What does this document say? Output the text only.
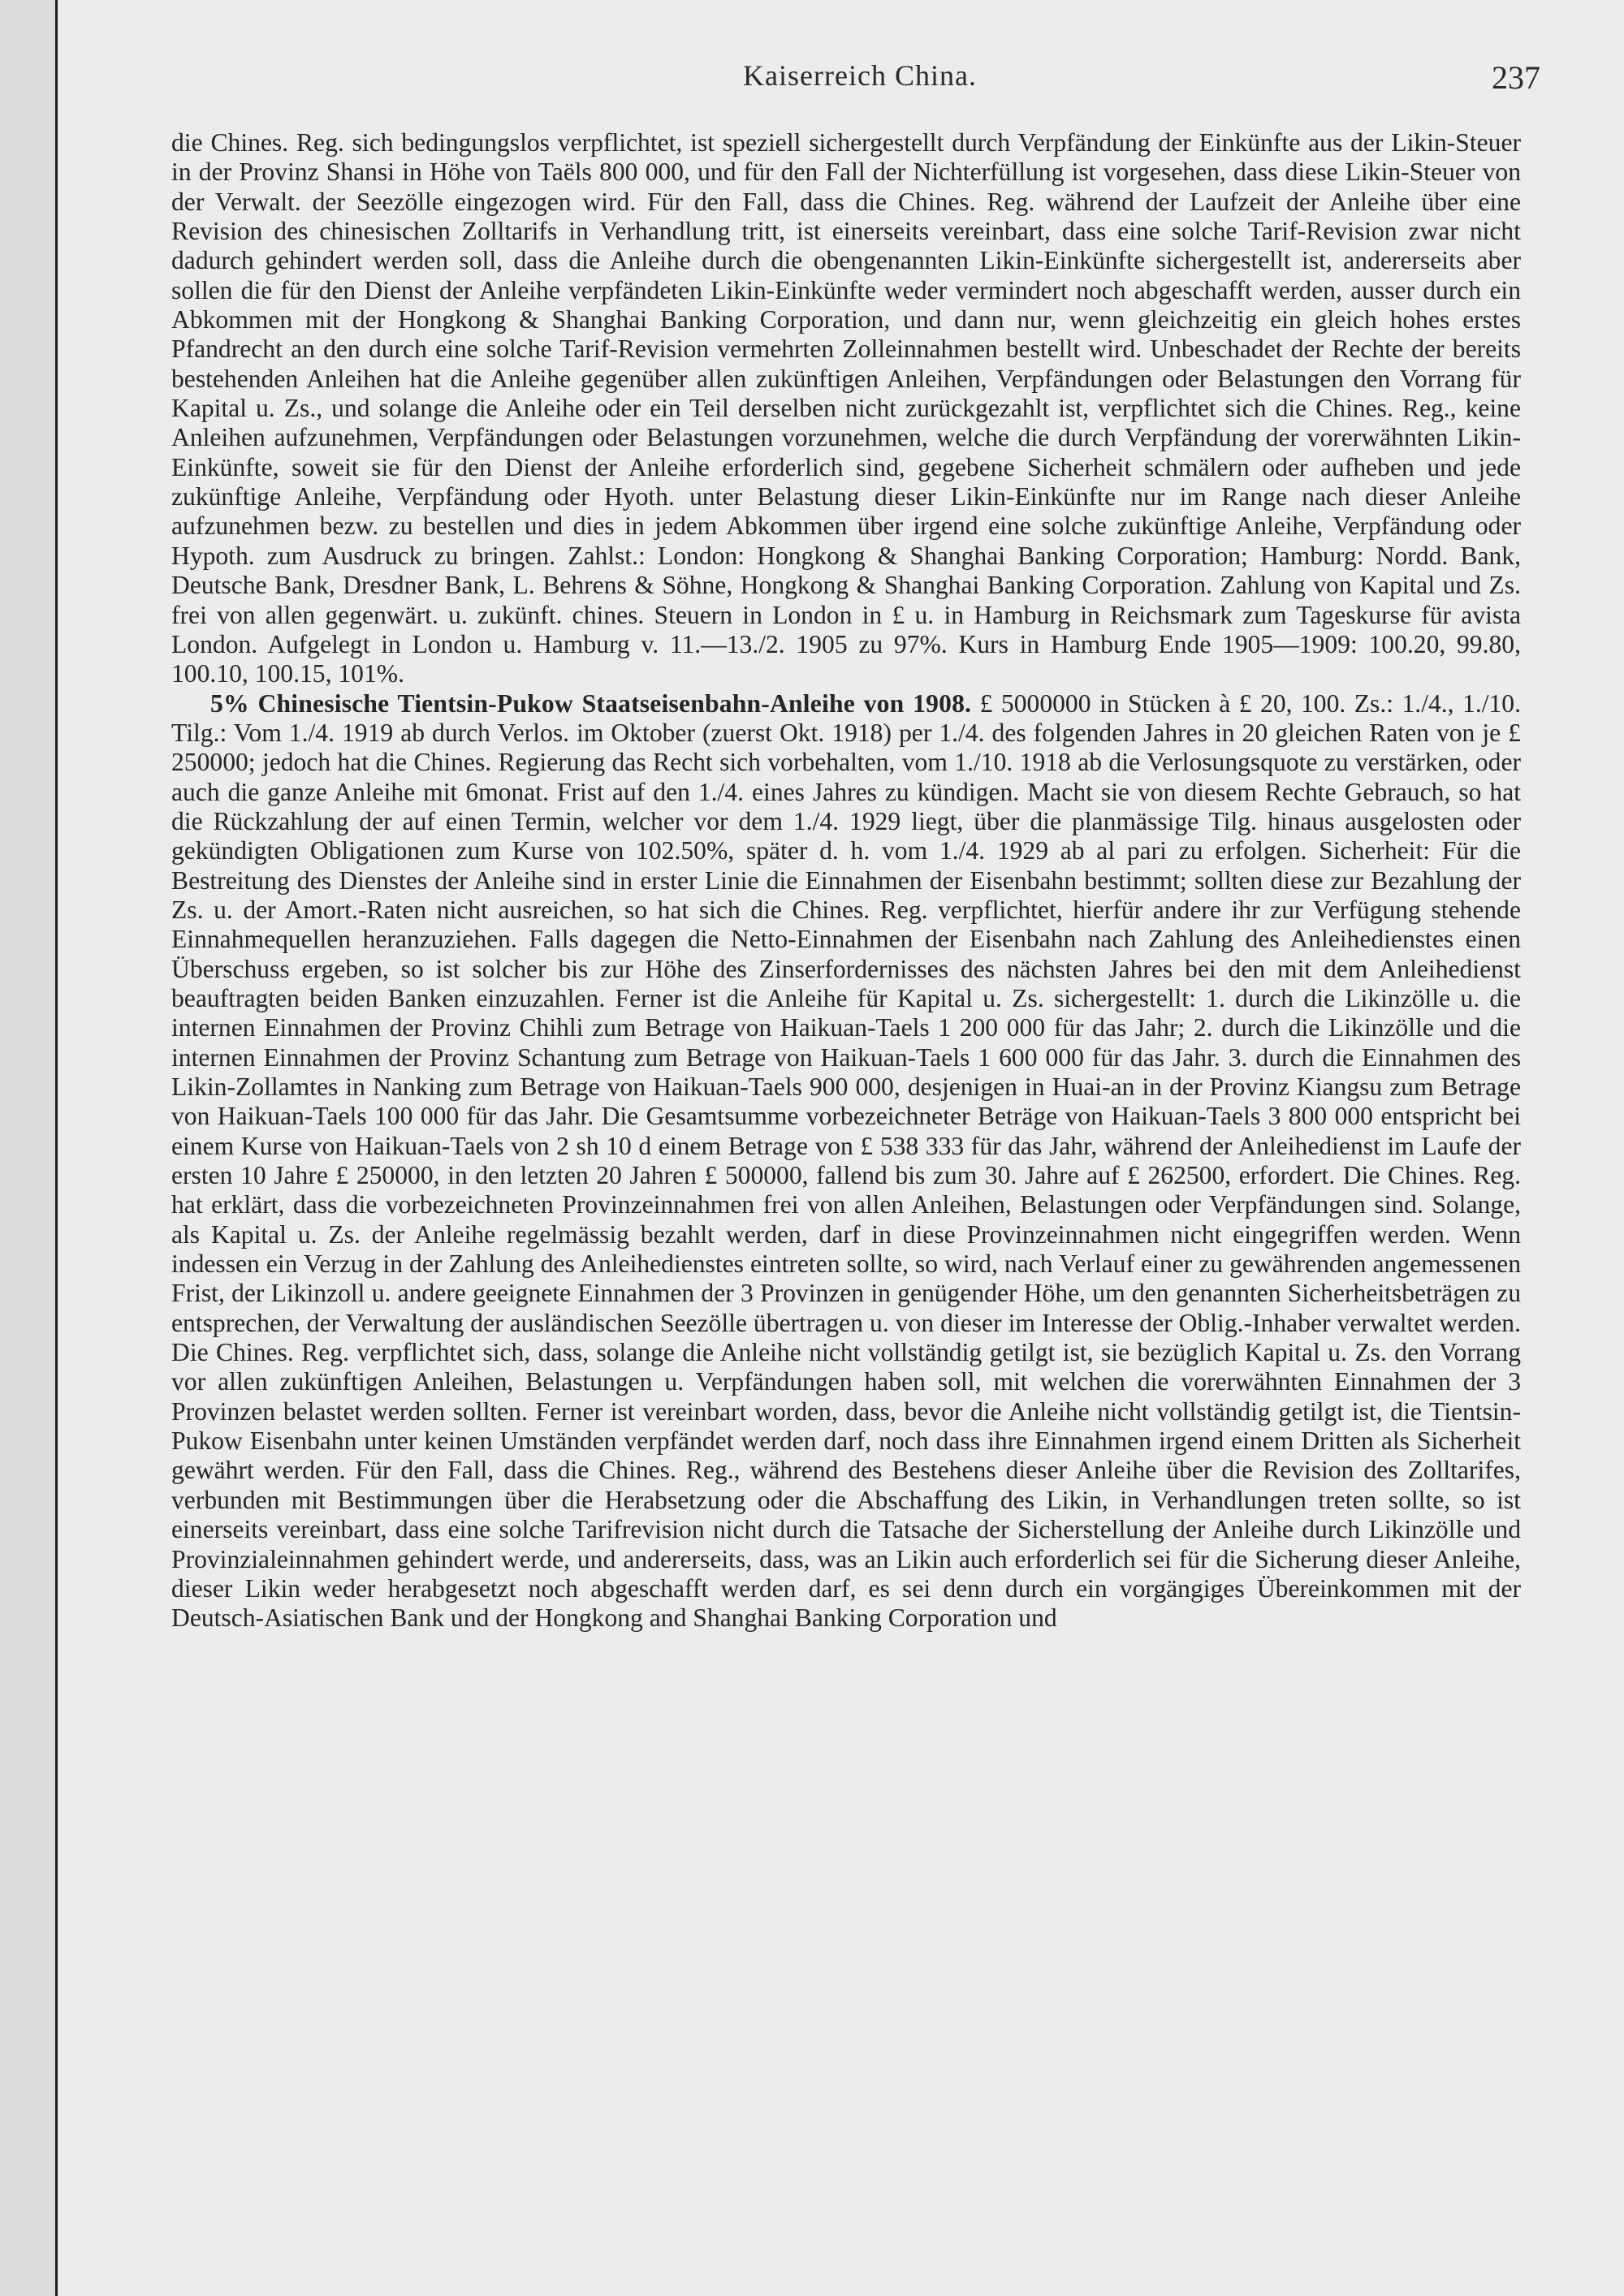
Kaiserreich China.	237

die Chines. Reg. sich bedingungslos verpflichtet, ist speziell sichergestellt durch Verpfändung der Einkünfte aus der Likin-Steuer in der Provinz Shansi in Höhe von Taëls 800 000, und für den Fall der Nichterfüllung ist vorgesehen, dass diese Likin-Steuer von der Verwalt. der Seezölle eingezogen wird. Für den Fall, dass die Chines. Reg. während der Laufzeit der Anleihe über eine Revision des chinesischen Zolltarifs in Verhandlung tritt, ist einerseits vereinbart, dass eine solche Tarif-Revision zwar nicht dadurch gehindert werden soll, dass die Anleihe durch die obengenannten Likin-Einkünfte sichergestellt ist, andererseits aber sollen die für den Dienst der Anleihe verpfändeten Likin-Einkünfte weder vermindert noch abgeschafft werden, ausser durch ein Abkommen mit der Hongkong & Shanghai Banking Corporation, und dann nur, wenn gleichzeitig ein gleich hohes erstes Pfandrecht an den durch eine solche Tarif-Revision vermehrten Zolleinnahmen bestellt wird. Unbeschadet der Rechte der bereits bestehenden Anleihen hat die Anleihe gegenüber allen zukünftigen Anleihen, Verpfändungen oder Belastungen den Vorrang für Kapital u. Zs., und solange die Anleihe oder ein Teil derselben nicht zurückgezahlt ist, verpflichtet sich die Chines. Reg., keine Anleihen aufzunehmen, Verpfändungen oder Belastungen vorzunehmen, welche die durch Verpfändung der vorerwähnten Likin-Einkünfte, soweit sie für den Dienst der Anleihe erforderlich sind, gegebene Sicherheit schmälern oder aufheben und jede zukünftige Anleihe, Verpfändung oder Hyoth. unter Belastung dieser Likin-Einkünfte nur im Range nach dieser Anleihe aufzunehmen bezw. zu bestellen und dies in jedem Abkommen über irgend eine solche zukünftige Anleihe, Verpfändung oder Hypoth. zum Ausdruck zu bringen. Zahlst.: London: Hongkong & Shanghai Banking Corporation; Hamburg: Nordd. Bank, Deutsche Bank, Dresdner Bank, L. Behrens & Söhne, Hongkong & Shanghai Banking Corporation. Zahlung von Kapital und Zs. frei von allen gegenwärt. u. zukünft. chines. Steuern in London in £ u. in Hamburg in Reichsmark zum Tageskurse für avista London. Aufgelegt in London u. Hamburg v. 11.—13./2. 1905 zu 97%. Kurs in Hamburg Ende 1905—1909: 100.20, 99.80, 100.10, 100.15, 101%.

5% Chinesische Tientsin-Pukow Staatseisenbahn-Anleihe von 1908. £ 5000000 in Stücken à £ 20, 100. Zs.: 1./4., 1./10. Tilg.: Vom 1./4. 1919 ab durch Verlos. im Oktober (zuerst Okt. 1918) per 1./4. des folgenden Jahres in 20 gleichen Raten von je £ 250000; jedoch hat die Chines. Regierung das Recht sich vorbehalten, vom 1./10. 1918 ab die Verlosungsquote zu verstärken, oder auch die ganze Anleihe mit 6monat. Frist auf den 1./4. eines Jahres zu kündigen. Macht sie von diesem Rechte Gebrauch, so hat die Rückzahlung der auf einen Termin, welcher vor dem 1./4. 1929 liegt, über die planmässige Tilg. hinaus ausgelosten oder gekündigten Obligationen zum Kurse von 102.50%, später d. h. vom 1./4. 1929 ab al pari zu erfolgen. Sicherheit: Für die Bestreitung des Dienstes der Anleihe sind in erster Linie die Einnahmen der Eisenbahn bestimmt; sollten diese zur Bezahlung der Zs. u. der Amort.-Raten nicht ausreichen, so hat sich die Chines. Reg. verpflichtet, hierfür andere ihr zur Verfügung stehende Einnahmequellen heranzuziehen. Falls dagegen die Netto-Einnahmen der Eisenbahn nach Zahlung des Anleihedienstes einen Überschuss ergeben, so ist solcher bis zur Höhe des Zinserfordernisses des nächsten Jahres bei den mit dem Anleihedienst beauftragten beiden Banken einzuzahlen. Ferner ist die Anleihe für Kapital u. Zs. sichergestellt: 1. durch die Likinzölle u. die internen Einnahmen der Provinz Chihli zum Betrage von Haikuan-Taels 1 200 000 für das Jahr; 2. durch die Likinzölle und die internen Einnahmen der Provinz Schantung zum Betrage von Haikuan-Taels 1 600 000 für das Jahr. 3. durch die Einnahmen des Likin-Zollamtes in Nanking zum Betrage von Haikuan-Taels 900 000, desjenigen in Huai-an in der Provinz Kiangsu zum Betrage von Haikuan-Taels 100 000 für das Jahr. Die Gesamtsumme vorbezeichneter Beträge von Haikuan-Taels 3 800 000 entspricht bei einem Kurse von Haikuan-Taels von 2 sh 10 d einem Betrage von £ 538 333 für das Jahr, während der Anleihedienst im Laufe der ersten 10 Jahre £ 250000, in den letzten 20 Jahren £ 500000, fallend bis zum 30. Jahre auf £ 262500, erfordert. Die Chines. Reg. hat erklärt, dass die vorbezeichneten Provinzeinnahmen frei von allen Anleihen, Belastungen oder Verpfändungen sind. Solange, als Kapital u. Zs. der Anleihe regelmässig bezahlt werden, darf in diese Provinzeinnahmen nicht eingegriffen werden. Wenn indessen ein Verzug in der Zahlung des Anleihedienstes eintreten sollte, so wird, nach Verlauf einer zu gewährenden angemessenen Frist, der Likinzoll u. andere geeignete Einnahmen der 3 Provinzen in genügender Höhe, um den genannten Sicherheitsbeträgen zu entsprechen, der Verwaltung der ausländischen Seezölle übertragen u. von dieser im Interesse der Oblig.-Inhaber verwaltet werden. Die Chines. Reg. verpflichtet sich, dass, solange die Anleihe nicht vollständig getilgt ist, sie bezüglich Kapital u. Zs. den Vorrang vor allen zukünftigen Anleihen, Belastungen u. Verpfändungen haben soll, mit welchen die vorerwähnten Einnahmen der 3 Provinzen belastet werden sollten. Ferner ist vereinbart worden, dass, bevor die Anleihe nicht vollständig getilgt ist, die Tientsin-Pukow Eisenbahn unter keinen Umständen verpfändet werden darf, noch dass ihre Einnahmen irgend einem Dritten als Sicherheit gewährt werden. Für den Fall, dass die Chines. Reg., während des Bestehens dieser Anleihe über die Revision des Zolltarifes, verbunden mit Bestimmungen über die Herabsetzung oder die Abschaffung des Likin, in Verhandlungen treten sollte, so ist einerseits vereinbart, dass eine solche Tarifrevision nicht durch die Tatsache der Sicherstellung der Anleihe durch Likinzölle und Provinzialeinnahmen gehindert werde, und andererseits, dass, was an Likin auch erforderlich sei für die Sicherung dieser Anleihe, dieser Likin weder herabgesetzt noch abgeschafft werden darf, es sei denn durch ein vorgängiges Übereinkommen mit der Deutsch-Asiatischen Bank und der Hongkong and Shanghai Banking Corporation und
